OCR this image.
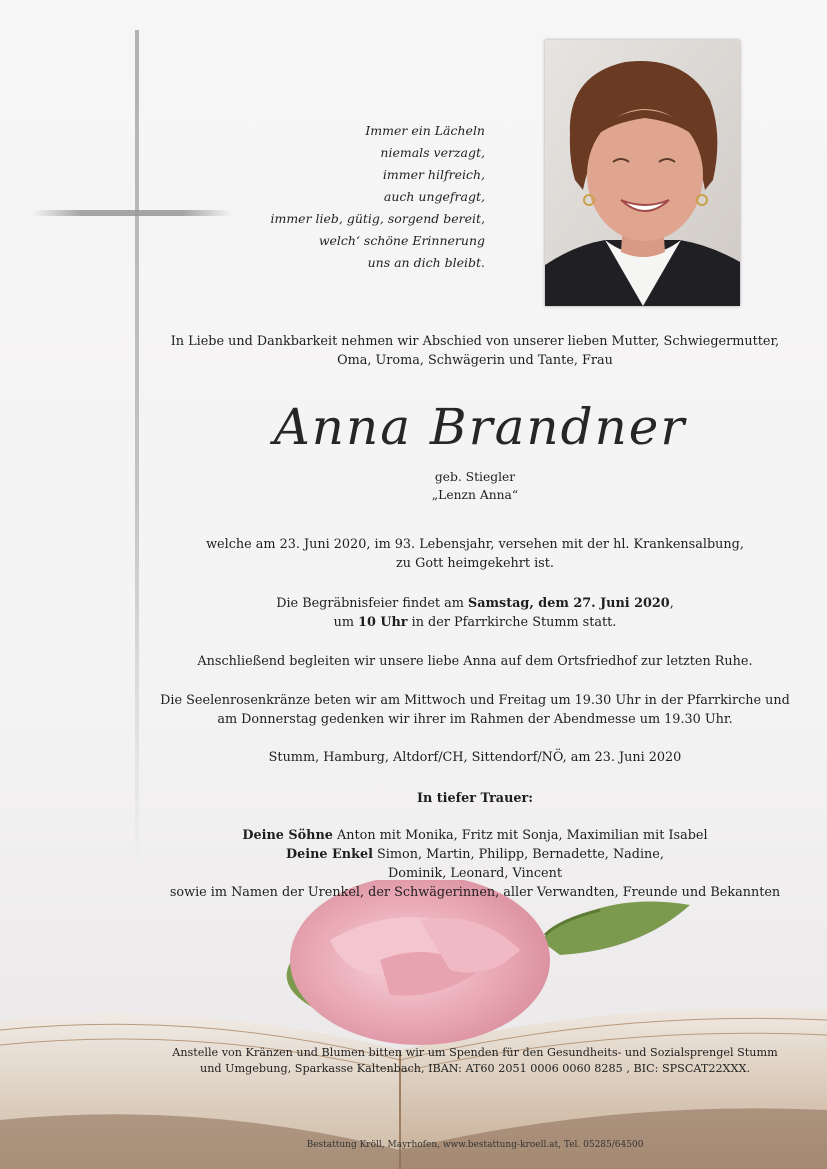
Immer ein Lächeln
niemals verzagt,
immer hilfreich,
auch ungefragt,
immer lieb, gütig, sorgend bereit,
welch‘ schöne Erinnerung
uns an dich bleibt.
In Liebe und Dankbarkeit nehmen wir Abschied von unserer lieben Mutter, Schwiegermutter,
Oma, Uroma, Schwägerin und Tante, Frau
Anna Brandner
geb. Stiegler
„Lenzn Anna“
welche am 23. Juni 2020, im 93. Lebensjahr, versehen mit der hl. Krankensalbung,
zu Gott heimgekehrt ist.
Die Begräbnisfeier findet am Samstag, dem 27. Juni 2020,
um 10 Uhr in der Pfarrkirche Stumm statt.
Anschließend begleiten wir unsere liebe Anna auf dem Ortsfriedhof zur letzten Ruhe.
Die Seelenrosenkränze beten wir am Mittwoch und Freitag um 19.30 Uhr in der Pfarrkirche und
am Donnerstag gedenken wir ihrer im Rahmen der Abendmesse um 19.30 Uhr.
Stumm, Hamburg, Altdorf/CH, Sittendorf/NÖ, am 23. Juni 2020
In tiefer Trauer:
Deine Söhne Anton mit Monika, Fritz mit Sonja, Maximilian mit Isabel
Deine Enkel Simon, Martin, Philipp, Bernadette, Nadine,
Dominik, Leonard, Vincent
sowie im Namen der Urenkel, der Schwägerinnen, aller Verwandten, Freunde und Bekannten
Anstelle von Kränzen und Blumen bitten wir um Spenden für den Gesundheits- und Sozialsprengel Stumm
und Umgebung, Sparkasse Kaltenbach, IBAN: AT60 2051 0006 0060 8285 , BIC: SPSCAT22XXX.
Bestattung Kröll, Mayrhofen, www.bestattung-kroell.at, Tel. 05285/64500
